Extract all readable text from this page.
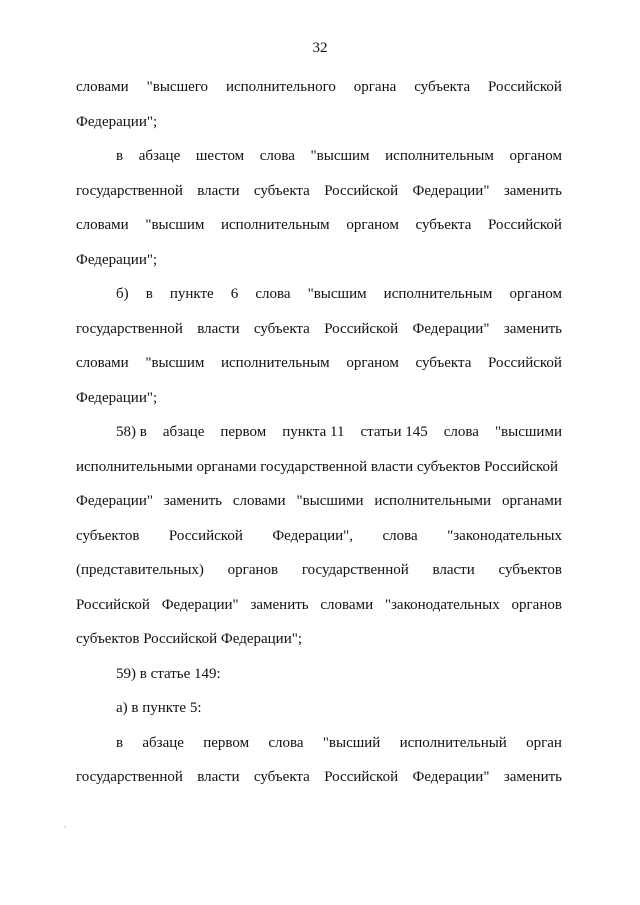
32
словами "высшего исполнительного органа субъекта Российской
Федерации";
в абзаце шестом слова "высшим исполнительным органом
государственной власти субъекта Российской Федерации" заменить
словами "высшим исполнительным органом субъекта Российской
Федерации";
б) в пункте 6 слова "высшим исполнительным органом
государственной власти субъекта Российской Федерации" заменить
словами "высшим исполнительным органом субъекта Российской
Федерации";
58) в абзаце первом пункта 11 статьи 145 слова "высшими
исполнительными органами государственной власти субъектов Российской
Федерации" заменить словами "высшими исполнительными органами
субъектов Российской Федерации", слова "законодательных
(представительных) органов государственной власти субъектов
Российской Федерации" заменить словами "законодательных органов
субъектов Российской Федерации";
59) в статье 149:
а) в пункте 5:
в абзаце первом слова "высший исполнительный орган
государственной власти субъекта Российской Федерации" заменить
